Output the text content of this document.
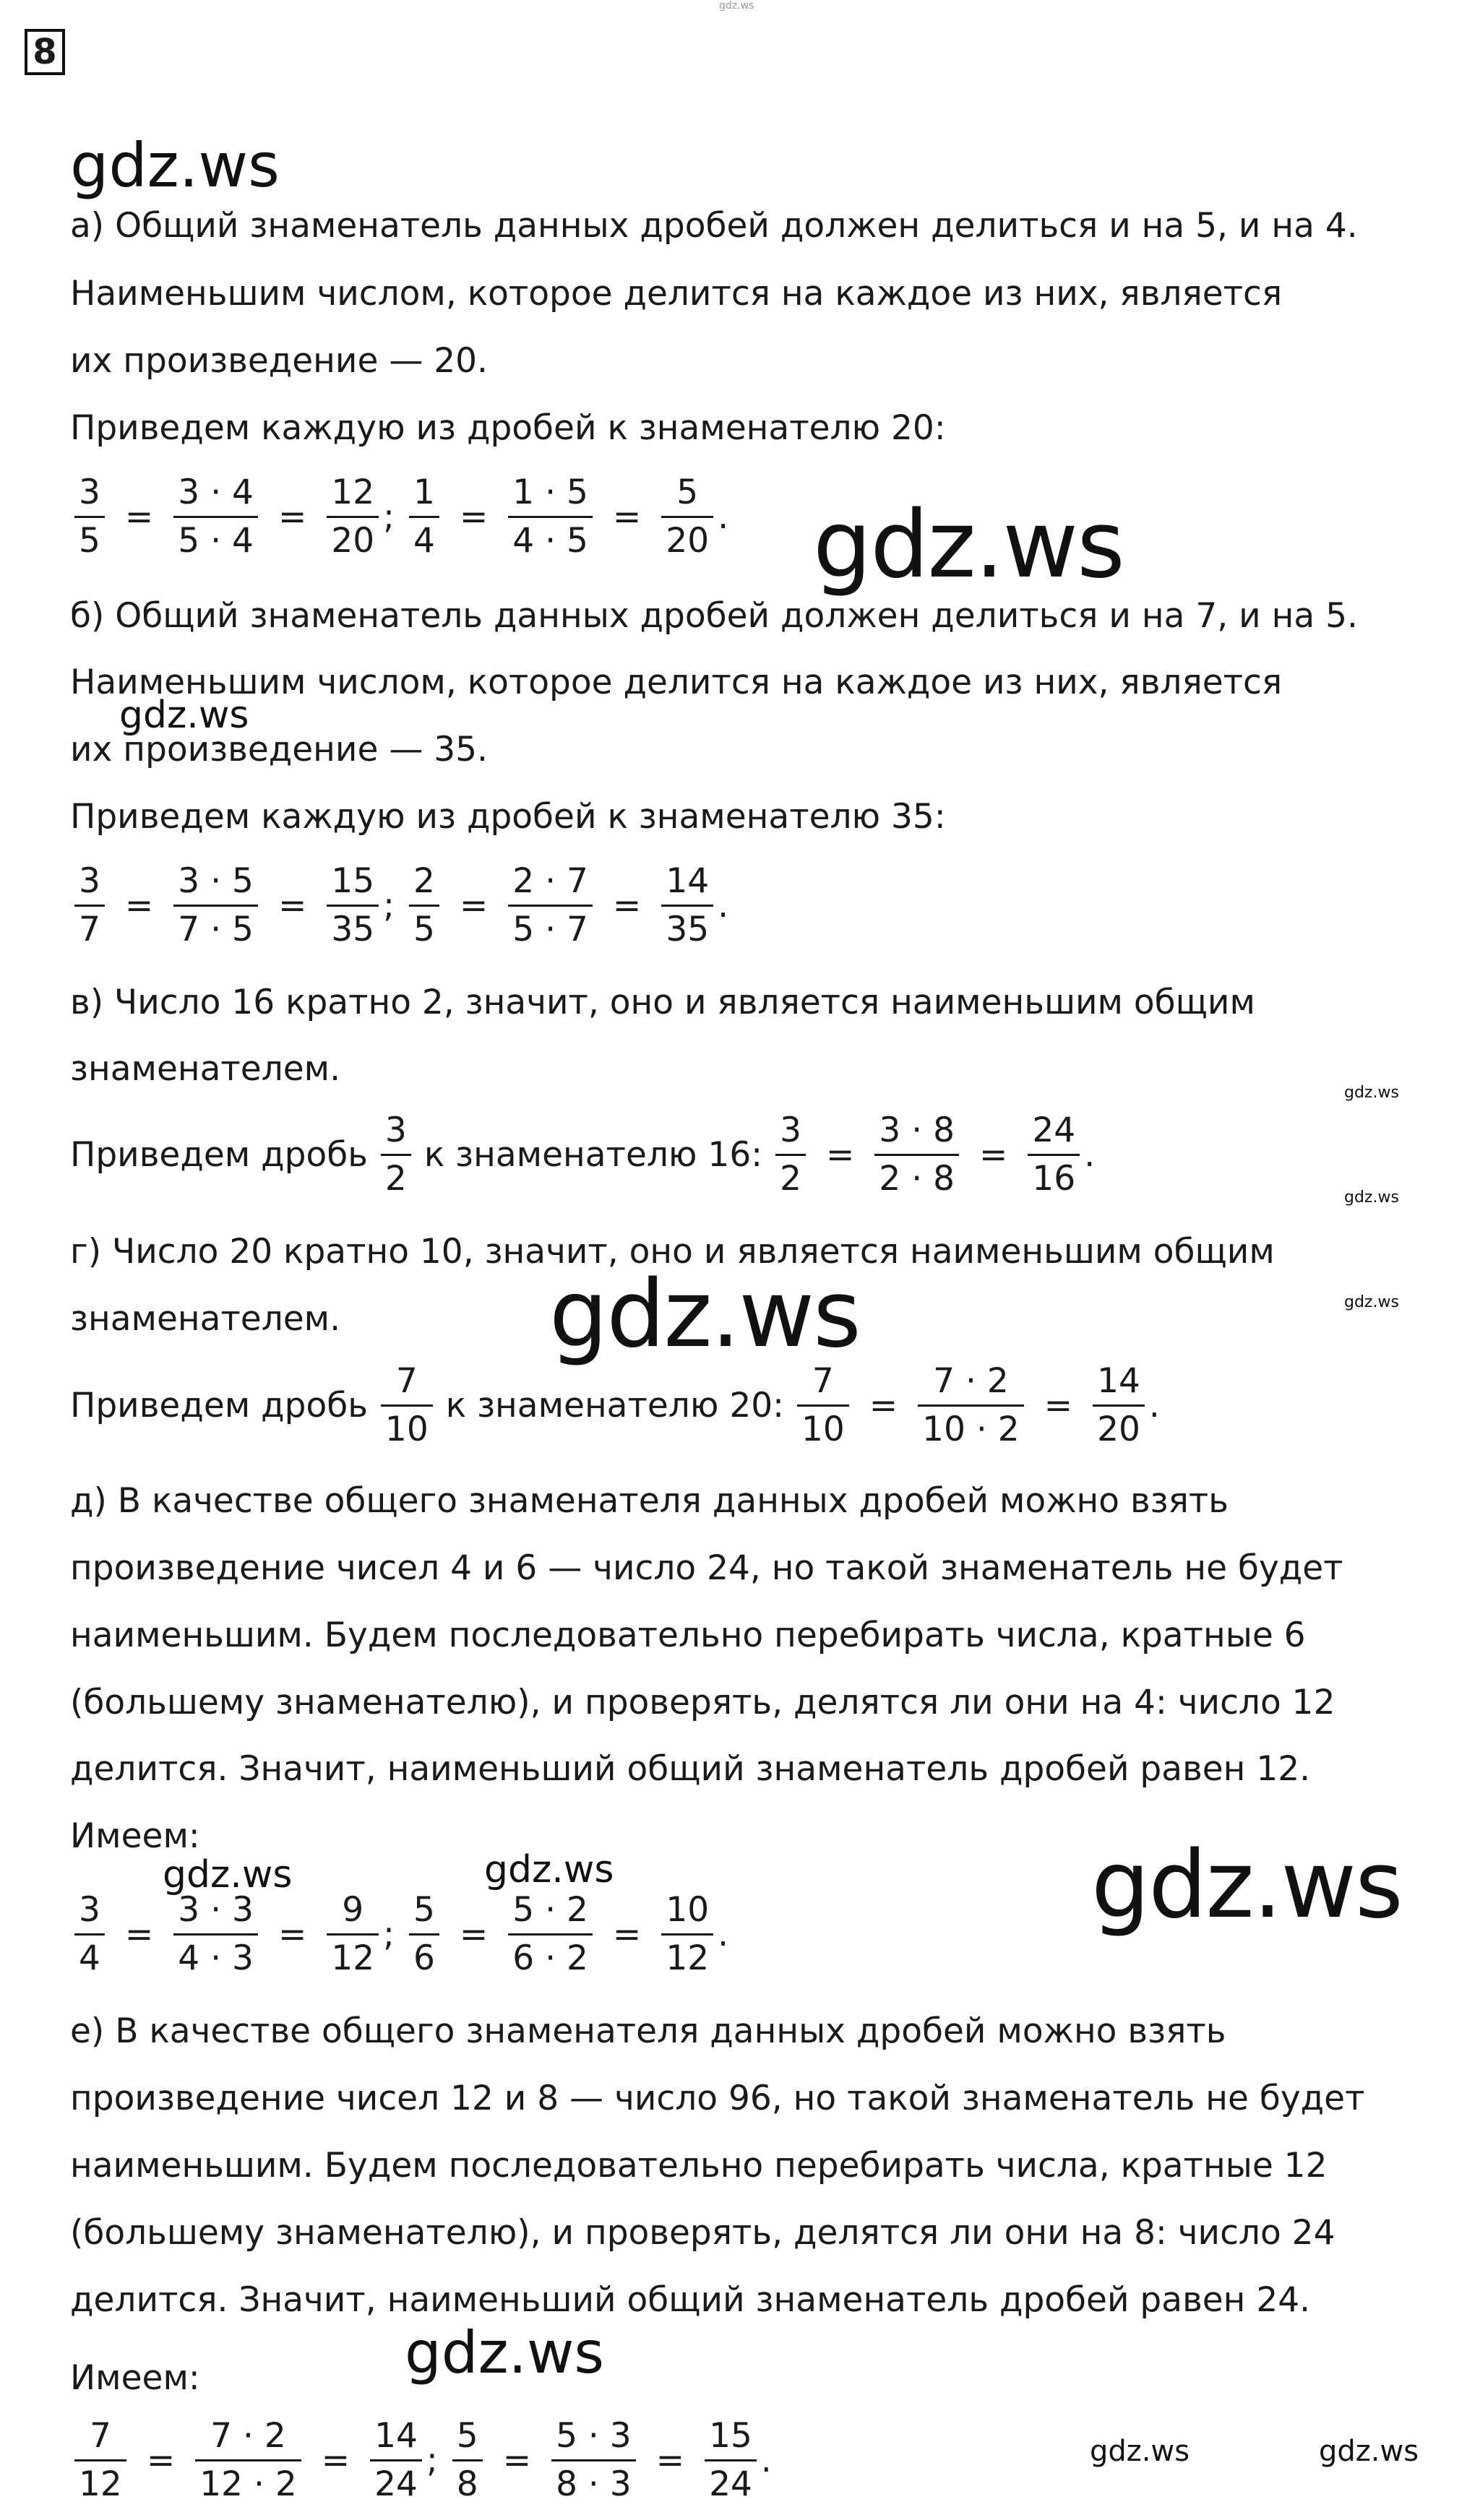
gdz.ws
8
gdz.ws
а) Общий знаменатель данных дробей должен делиться и на 5, и на 4.
Наименьшим числом, которое делится на каждое из них, является
их произведение — 20.
Приведем каждую из дробей к знаменателю 20:
$\frac{3}{5} = \frac{3 \cdot 4}{5 \cdot 4} = \frac{12}{20}$ ; $\frac{1}{4} = \frac{1 \cdot 5}{4 \cdot 5} = \frac{5}{20}$ . gdz.ws
б) Общий знаменатель данных дробей должен делиться и на 7, и на 5.
Наименьшим числом, которое делится на каждое из них, является
gdz.ws
их произведение — 35.
Приведем каждую из дробей к знаменателю 35:
$\frac{3}{7} = \frac{3 \cdot 5}{7 \cdot 5} = \frac{15}{35}$ ; $\frac{2}{5} = \frac{2 \cdot 7}{5 \cdot 7} = \frac{14}{35}$ .
в) Число 16 кратно 2, значит, оно и является наименьшим общим
знаменателем.
gdz.ws
Приведем дробь $\frac{3}{2}$ к знаменателю 16: $\frac{3}{2} = \frac{3 \cdot 8}{2 \cdot 8} = \frac{24}{16}$ .
gdz.ws
г) Число 20 кратно 10, значит, оно и является наименьшим общим
gdz.ws
знаменателем. gdz.ws
Приведем дробь $\frac{7}{10}$ к знаменателю 20: $\frac{7}{10} = \frac{7 \cdot 2}{10 \cdot 2} = \frac{14}{20}$ .
д) В качестве общего знаменателя данных дробей можно взять
произведение чисел 4 и 6 — число 24, но такой знаменатель не будет
наименьшим. Будем последовательно перебирать числа, кратные 6
(большему знаменателю), и проверять, делятся ли они на 4: число 12
делится. Значит, наименьший общий знаменатель дробей равен 12.
Имеем:
gdz.ws	gdz.ws	gdz.ws
$\frac{3}{4} = \frac{3 \cdot 3}{4 \cdot 3} = \frac{9}{12}$ ; $\frac{5}{6} = \frac{5 \cdot 2}{6 \cdot 2} = \frac{10}{12}$ .
е) В качестве общего знаменателя данных дробей можно взять
произведение чисел 12 и 8 — число 96, но такой знаменатель не будет
наименьшим. Будем последовательно перебирать числа, кратные 12
(большему знаменателю), и проверять, делятся ли они на 8: число 24
делится. Значит, наименьший общий знаменатель дробей равен 24.
gdz.ws
Имеем:
$\frac{7}{12} = \frac{7 \cdot 2}{12 \cdot 2} = \frac{14}{24}$ ; $\frac{5}{8} = \frac{5 \cdot 3}{8 \cdot 3} = \frac{15}{24}$ .	gdz.ws	gdz.ws
